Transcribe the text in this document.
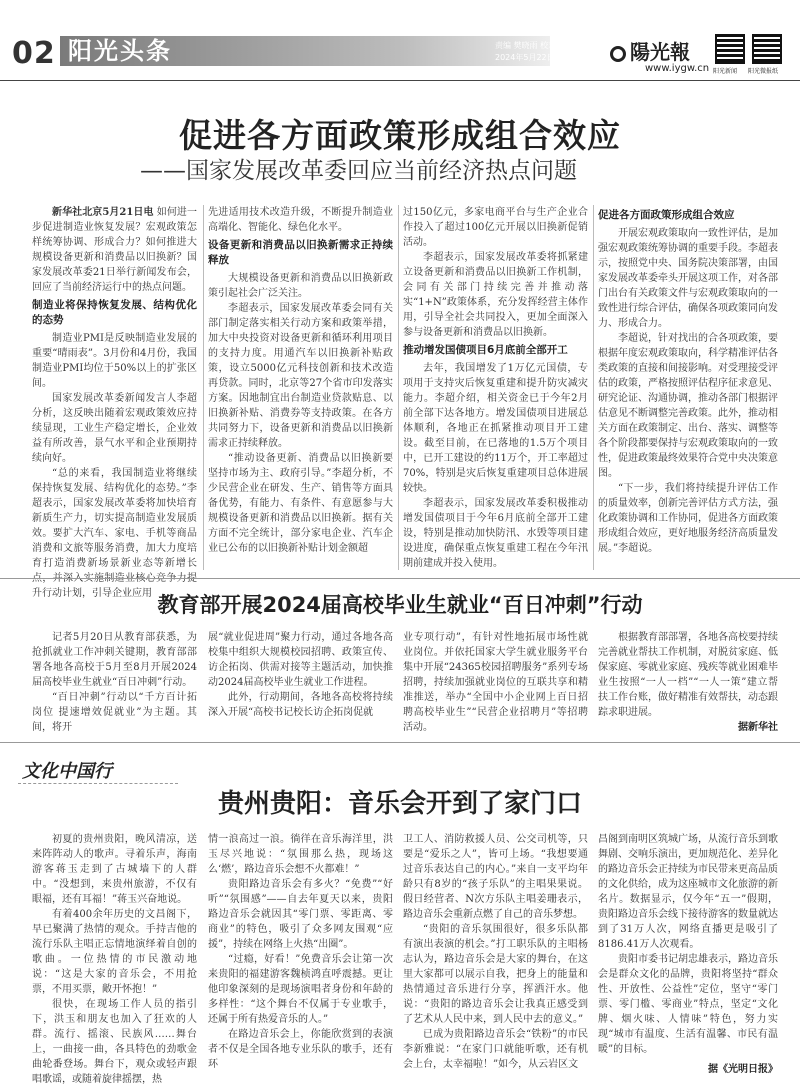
02 阳光头条	责编 樊晓雨 校对 王斐
2024年5月22日 星期三	陽光報
www.iygw.cn 阳光新闻 阳光微报纸
促进各方面政策形成组合效应
——国家发展改革委回应当前经济热点问题

新华社北京5月21日电 如何进一步促进制造业恢复发展？宏观政策怎样统筹协调、形成合力？如何推进大规模设备更新和消费品以旧换新？国家发展改革委21日举行新闻发布会，回应了当前经济运行中的热点问题。

制造业将保持恢复发展、结构优化的态势

制造业PMI是反映制造业发展的重要“晴雨表”。3月份和4月份，我国制造业PMI均位于50%以上的扩张区间。

国家发展改革委新闻发言人李超分析，这反映出随着宏观政策效应持续显现，工业生产稳定增长，企业效益有所改善，景气水平和企业预期持续向好。

“总的来看，我国制造业将继续保持恢复发展、结构优化的态势。”李超表示，国家发展改革委将加快培育新质生产力，切实提高制造业发展质效。要扩大汽车、家电、手机等商品消费和文旅等服务消费，加大力度培育打造消费新场景新业态等新增长 升行动计划，引导企业应用

先进适用技术改造升级，不断提升制造业高端化、智能化、绿色化水平。

设备更新和消费品以旧换新需求正持续释放

大规模设备更新和消费品以旧换新政策引起社会广泛关注。

李超表示，国家发展改革委会同有关部门制定落实相关行动方案和政策举措，加大中央投资对设备更新和循环利用项目的支持力度。用通汽车以旧换新补贴政策，设立5000亿元科技创新和技术改造再贷款。同时，北京等27个省市印发落实方案。因地制宜出台制造业贷款贴息、以旧换新补贴、消费券等支持政策。在各方共同努力下，设备更新和消费品以旧换新需求正持续释放。

“推动设备更新、消费品以旧换新要坚持市场为主、政府引导。”李超分析，不少民营企业在研发、生产、销售等方面具备优势，有能力、有条件、有意愿参与大规模设备更新和消费品以旧换新。据有关方面不完全统计，部分家电企业、汽车企业已公布的以旧换新补贴计划金额超

过150亿元，多家电商平台与生产企业合作投入了超过100亿元开展以旧换新促销活动。

李超表示，国家发展改革委将抓紧建立设备更新和消费品以旧换新工作机制，会同有关部门持续完善并推动落实“1+N”政策体系，充分发挥经营主体作用，引导全社会共同投入，更加全面深入参与设备更新和消费品以旧换新。

推动增发国债项目6月底前全部开工

去年，我国增发了1万亿元国债，专项用于支持灾后恢复重建和提升防灾减灾能力。李超介绍，相关资金已于今年2月前全部下达各地方。增发国债项目进展总体顺利，各地正在抓紧推动项目开工建设。截至目前，在已落地的1.5万个项目中，已开工建设的约11万个，开工率超过70%，特别是灾后恢复重建项目总体进展较快。

李超表示，国家发展改革委积极推动增发国债项目于今年6月底前全部开工建设，特别是推动加快防汛、水毁等项目建设进度，确保重点恢复重建工程在今年汛期前建成并投入使用。

促进各方面政策形成组合效应

开展宏观政策取向一致性评估，是加强宏观政策统筹协调的重要手段。李超表示，按照党中央、国务院决策部署，由国家发展改革委牵头开展这项工作，对各部门出台有关政策文件与宏观政策取向的一致性进行综合评估，确保各项政策同向发力、形成合力。

李超说，针对找出的合各项政策，要根据年度宏观政策取向，科学精准评估各类政策的直接和间接影响。对受理接受评估的政策，严格按照评估程序征求意见、研究论证、沟通协调，推动各部门根据评估意见不断调整完善政策。此外，推动相关方面在政策制定、出台、落实、调整等各个阶段都要保持与宏观政策取向的一致性，促进政策最终效果符合党中央决策意图。

“下一步，我们将持续提升评估工作的质量效率，创新完善评估方式方法，强化政策协调和工作协同，促进各方面政策形成组合效应，更好地服务经济高质量发展。”李超说。

教育部开展2024届高校毕业生就业“百日冲刺”行动

记者5月20日从教育部获悉，为抢抓就业工作冲刺关键期，教育部部署各地各高校于5月至8月开展2024届高校毕业生就业“百日冲刺”行动。

“百日冲刺”行动以“千方百计拓岗位 提速增效促就业”为主题。其间，将开

展“就业促进周”聚力行动，通过各地各高校集中组织大规模校园招聘、政策宣传、访企拓岗、供需对接等主题活动，加快推动2024届高校毕业生就业工作进程。

此外，行动期间，各地各高校将持续深入开展“高校书记校长访企拓岗促就

业专项行动”，有针对性地拓展市场性就业岗位。并依托国家大学生就业服务平台集中开展“24365校园招聘服务”系列专场招聘，持续加强就业岗位的互联共享和精准推送，举办“全国中小企业网上百日招聘高校毕业生”“民营企业招聘月”等招聘活动。

根据教育部部署，各地各高校要持续完善就业帮扶工作机制，对脱贫家庭、低保家庭、零就业家庭、残疾等就业困难毕业生按照“一人一档”“一人一策”建立帮扶工作台账，做好精准有效帮扶，动态跟踪求职进展。

据新华社
文化中国行
贵州贵阳：音乐会开到了家门口

初夏的贵州贵阳，晚风清凉，送来阵阵动人的歌声。寻着乐声，海南游客蒋玉走到了古城墙下的人群中。“没想到，来贵州旅游，不仅有眼福，还有耳福！”蒋玉兴奋地说。

有着400余年历史的文昌阁下，早已聚满了热情的观众。手持吉他的流行乐队主唱正忘情地演绎着自创的歌曲。一位热情的市民激动地说：“这是大家的音乐会，不用抢票，不用买票，敞开怀抱！”

很快，在现场工作人员的指引下，洪玉和朋友也加入了狂欢的人群。流行、摇滚、民族风……舞台上，一曲接一曲，各具特色的劲歌金曲轮番登场。舞台下，观众或轻声跟唱歌谣，或随着旋律摇摆，热

情一浪高过一浪。徜徉在音乐海洋里，洪玉尽兴地说：“氛围那么热，现场这么‘燃’，路边音乐会想不火都难！”

贵阳路边音乐会有多火？“免费”“好听”“氛围感”——自去年夏天以来，贵阳路边音乐会就因其“零门票、零距离、零商业”的特色，吸引了众多网友围观“应援”，持续在网络上火热“出圈”。

“过瘾，好看！”免费音乐会让第一次来贵阳的福建游客魏桢鸿直呼震撼。更让他印象深刻的是现场演唱者身份和年龄的多样性：“这个舞台不仅属于专业歌手，还属于所有热爱音乐的人。”

在路边音乐会上，你能欣赏到的表演者不仅是全国各地专业乐队的歌手，还有环

卫工人、消防救援人员、公交司机等，只要是“爱乐之人”，皆可上场。“我想要通过音乐表达自己的内心。”来自一支平均年龄只有8岁的“孩子乐队”的主唱果果说。假日经营者、N次方乐队主唱姜珊表示，路边音乐会重新点燃了自己的音乐梦想。

“贵阳的音乐氛围很好，很多乐队都有演出表演的机会。”打工职乐队的主唱杨志认为，路边音乐会是大家的舞台，在这里大家都可以展示自我，把身上的能量和热情通过音乐进行分享，挥洒汗水。他说：“贵阳的路边音乐会让我真正感受到了艺术从人民中来，到人民中去的意义。”

已成为贵阳路边音乐会“铁粉”的市民李新雅说：“在家门口就能听歌，还有机会上台，太幸福啦！”如今，从云岩区文

昌阁到南明区筑城广场，从流行音乐到歌舞剧、交响乐演出，更加规范化、差异化的路边音乐会正持续为市民带来更高品质的文化供给，成为这座城市文化旅游的新名片。数据显示，仅今年“五一”假期，贵阳路边音乐会线下接待游客的数量就达到了31万人次，网络直播更是吸引了8186.41万人次观看。

贵阳市委书记胡忠雄表示，路边音乐会是群众文化的品牌，贵阳将坚持“群众性、开放性、公益性”定位，坚守“零门票、零门槛、零商业”特点，坚定“文化牌、烟火味、人情味”特色，努力实现“城市有温度、生活有温馨、市民有温暖”的目标。

据《光明日报》
